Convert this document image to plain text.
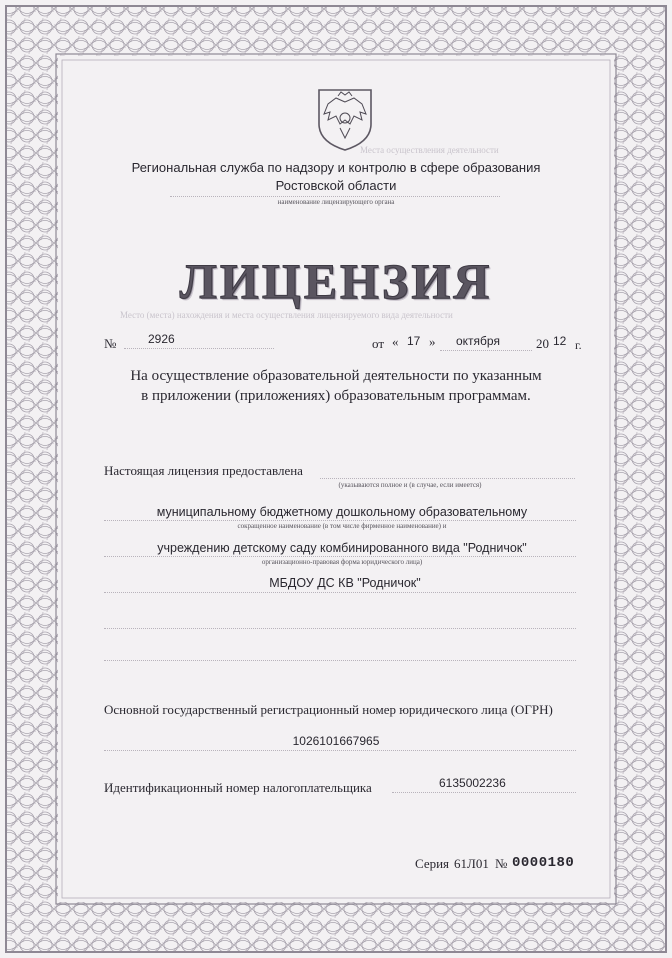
Места осуществления деятельности
Место (места) нахождения и места осуществления лицензируемого вида деятельности
Региональная служба по надзору и контролю в сфере образования
Ростовской области
наименование лицензирующего органа
ЛИЦЕНЗИЯ
№	2926	от « 17 » октября	20 12 г.
На осуществление образовательной деятельности по указанным
в приложении (приложениях) образовательным программам.
Настоящая лицензия предоставлена
(указываются полное и (в случае, если имеется)
муниципальному бюджетному дошкольному образовательному
сокращенное наименование (в том числе фирменное наименование) и
учреждению детскому саду комбинированного вида "Родничок"
организационно-правовая форма юридического лица)
МБДОУ ДС КВ "Родничок"
Основной государственный регистрационный номер юридического лица (ОГРН)
1026101667965
Идентификационный номер налогоплательщика	6135002236
Серия 61Л01 № 0000180
